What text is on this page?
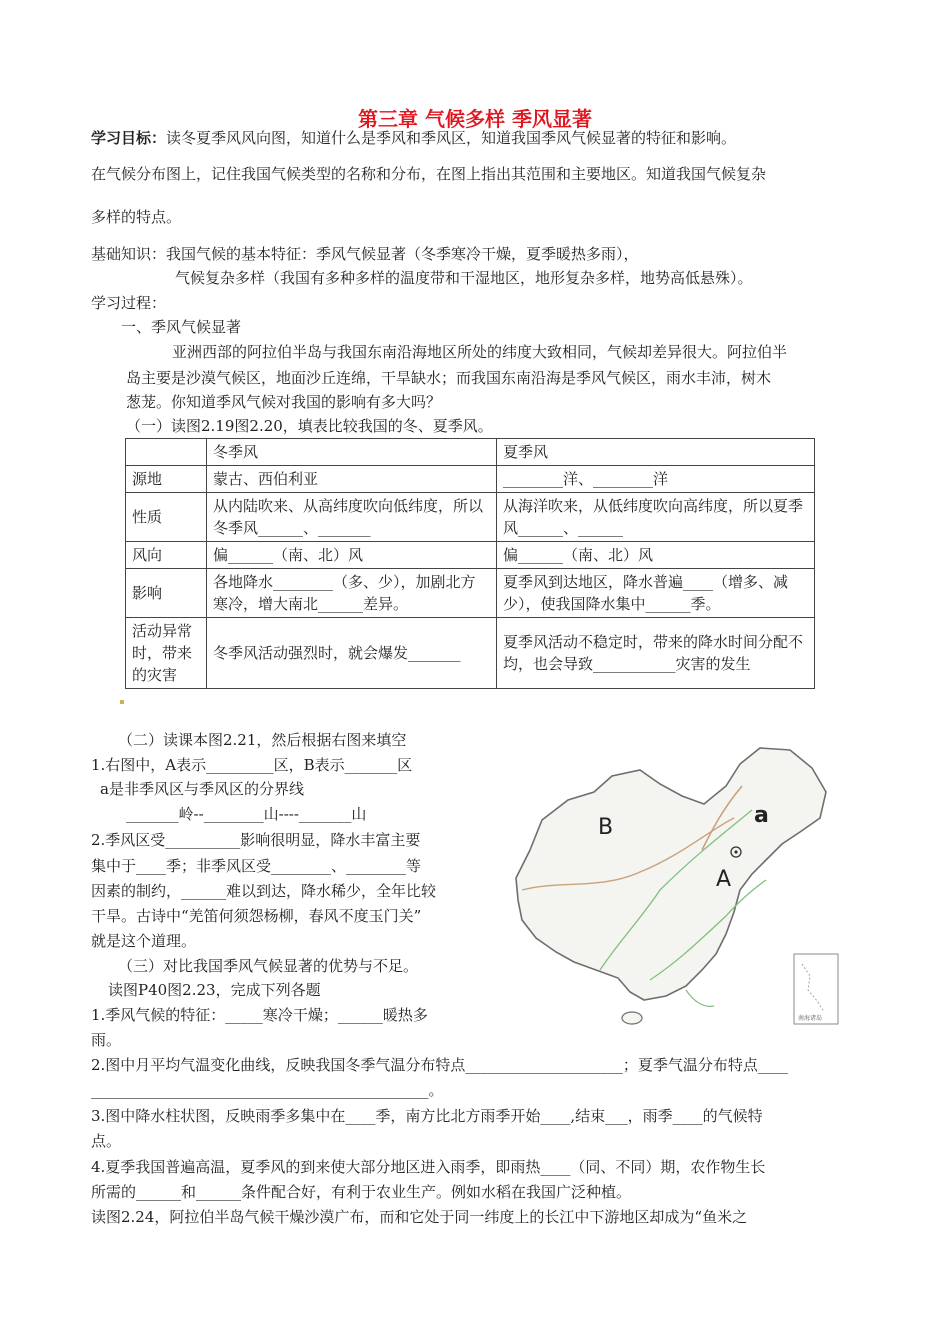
第三章 气候多样 季风显著
学习目标：读冬夏季风风向图，知道什么是季风和季风区，知道我国季风气候显著的特征和影响。
在气候分布图上，记住我国气候类型的名称和分布，在图上指出其范围和主要地区。知道我国气候复杂
多样的特点。
基础知识：我国气候的基本特征：季风气候显著（冬季寒冷干燥，夏季暖热多雨），
气候复杂多样（我国有多种多样的温度带和干湿地区，地形复杂多样，地势高低悬殊）。
学习过程：
一、季风气候显著
亚洲西部的阿拉伯半岛与我国东南沿海地区所处的纬度大致相同，气候却差异很大。阿拉伯半
岛主要是沙漠气候区，地面沙丘连绵，干旱缺水；而我国东南沿海是季风气候区，雨水丰沛，树木
葱茏。你知道季风气候对我国的影响有多大吗？
（一）读图2.19图2.20，填表比较我国的冬、夏季风。
	冬季风	夏季风
源地	蒙古、西伯利亚	________洋、________洋
性质	从内陆吹来、从高纬度吹向低纬度，所以冬季风______、_______	从海洋吹来，从低纬度吹向高纬度，所以夏季风______、______
风向	偏______（南、北）风	偏______（南、北）风
影响	各地降水________（多、少），加剧北方寒冷，增大南北______差异。	夏季风到达地区，降水普遍____（增多、减少），使我国降水集中______季。
活动异常时，带来的灾害	冬季风活动强烈时，就会爆发_______	夏季风活动不稳定时，带来的降水时间分配不均，也会导致___________灾害的发生
（二）读课本图2.21，然后根据右图来填空
1.右图中，A表示_________区，B表示_______区
a是非季风区与季风区的分界线
_______岭--________山----_______山
2.季风区受__________影响很明显，降水丰富主要
集中于____季；非季风区受________、________等
因素的制约，______难以到达，降水稀少，全年比较
干旱。古诗中“羌笛何须怨杨柳，春风不度玉门关”
就是这个道理。
（三）对比我国季风气候显著的优势与不足。
读图P40图2.23，完成下列各题
1.季风气候的特征：_____寒冷干燥；______暖热多
雨。
2.图中月平均气温变化曲线，反映我国冬季气温分布特点_____________________；夏季气温分布特点____
_____________________________________________。
3.图中降水柱状图，反映雨季多集中在____季，南方比北方雨季开始____,结束___，雨季____的气候特
点。
4.夏季我国普遍高温，夏季风的到来使大部分地区进入雨季，即雨热____（同、不同）期，农作物生长
所需的______和______条件配合好，有利于农业生产。例如水稻在我国广泛种植。
读图2.24，阿拉伯半岛气候干燥沙漠广布，而和它处于同一纬度上的长江中下游地区却成为“鱼米之
B
A
a
南海诸岛
